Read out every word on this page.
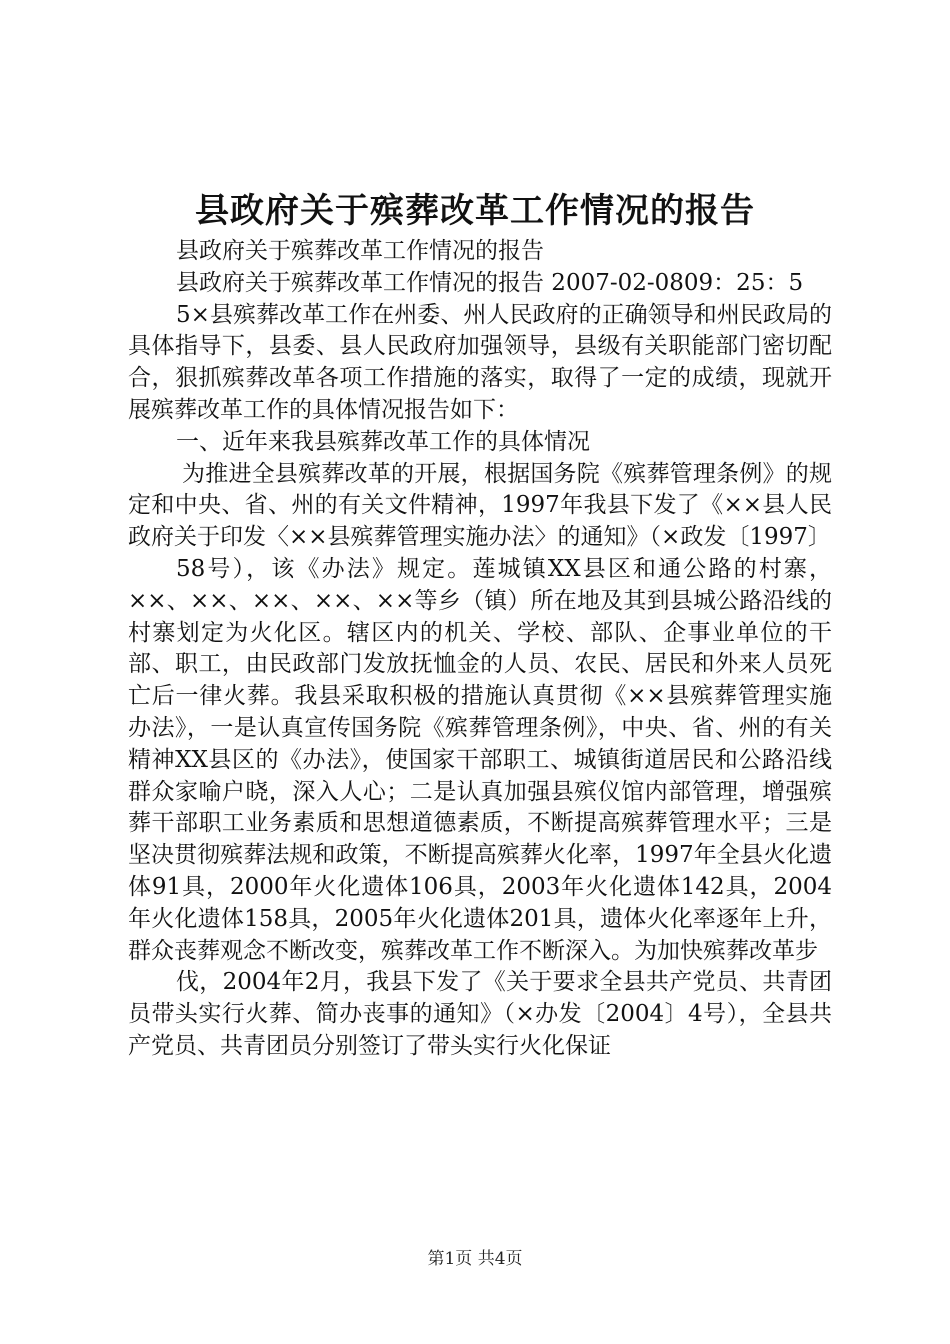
县政府关于殡葬改革工作情况的报告

县政府关于殡葬改革工作情况的报告

县政府关于殡葬改革工作情况的报告 2007-02-0809：25：5

5×县殡葬改革工作在州委、州人民政府的正确领导和州民政局的具体指导下，县委、县人民政府加强领导，县级有关职能部门密切配合，狠抓殡葬改革各项工作措施的落实，取得了一定的成绩，现就开展殡葬改革工作的具体情况报告如下：

一、近年来我县殡葬改革工作的具体情况

为推进全县殡葬改革的开展，根据国务院《殡葬管理条例》的规定和中央、省、州的有关文件精神，1997年我县下发了《××县人民政府关于印发〈××县殡葬管理实施办法〉的通知》（×政发〔1997〕

58号），该《办法》规定。莲城镇XX县区和通公路的村寨，××、××、××、××、××等乡（镇）所在地及其到县城公路沿线的村寨划定为火化区。辖区内的机关、学校、部队、企事业单位的干部、职工，由民政部门发放抚恤金的人员、农民、居民和外来人员死亡后一律火葬。我县采取积极的措施认真贯彻《××县殡葬管理实施办法》，一是认真宣传国务院《殡葬管理条例》，中央、省、州的有关精神XX县区的《办法》，使国家干部职工、城镇街道居民和公路沿线群众家喻户晓，深入人心；二是认真加强县殡仪馆内部管理，增强殡葬干部职工业务素质和思想道德素质，不断提高殡葬管理水平；三是坚决贯彻殡葬法规和政策，不断提高殡葬火化率，1997年全县火化遗体91具，2000年火化遗体106具，2003年火化遗体142具，2004年火化遗体158具，2005年火化遗体201具，遗体火化率逐年上升，群众丧葬观念不断改变，殡葬改革工作不断深入。为加快殡葬改革步

伐，2004年2月，我县下发了《关于要求全县共产党员、共青团员带头实行火葬、简办丧事的通知》（×办发〔2004〕4号），全县共产党员、共青团员分别签订了带头实行火化保证

第1页 共4页
